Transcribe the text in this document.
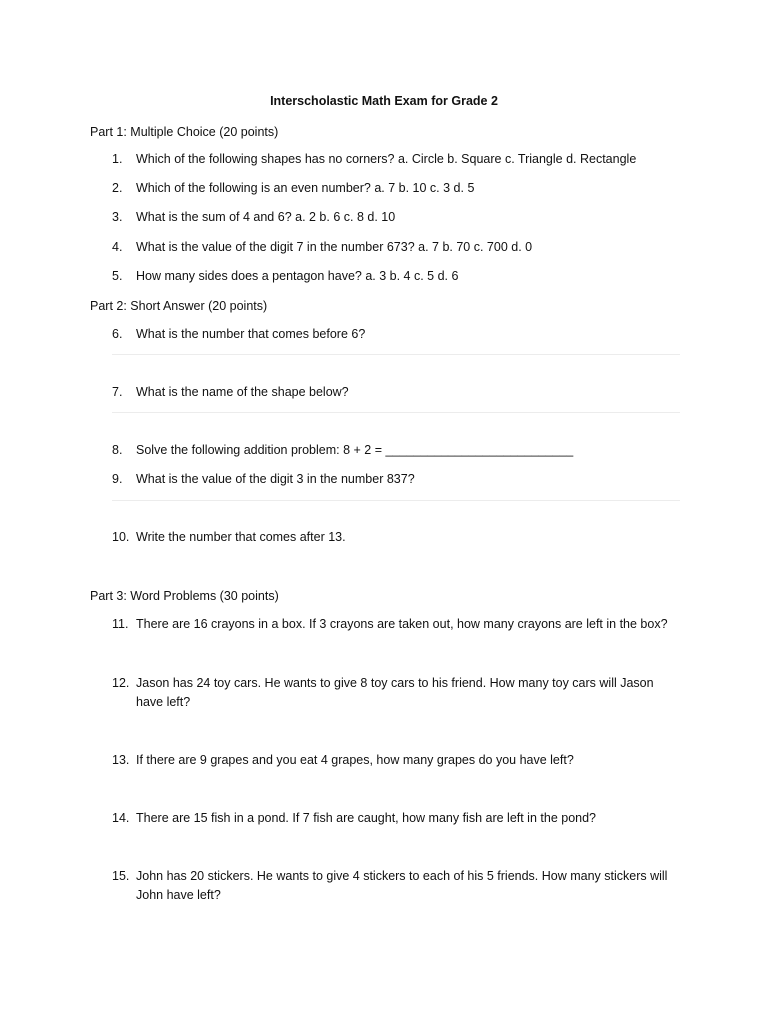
Interscholastic Math Exam for Grade 2
Part 1: Multiple Choice (20 points)
1.	Which of the following shapes has no corners? a. Circle b. Square c. Triangle d. Rectangle
2.	Which of the following is an even number? a. 7 b. 10 c. 3 d. 5
3.	What is the sum of 4 and 6? a. 2 b. 6 c. 8 d. 10
4.	What is the value of the digit 7 in the number 673? a. 7 b. 70 c. 700 d. 0
5.	How many sides does a pentagon have? a. 3 b. 4 c. 5 d. 6
Part 2: Short Answer (20 points)
6.	What is the number that comes before 6?
7.	What is the name of the shape below?
8.	Solve the following addition problem: 8 + 2 = ___________________________
9.	What is the value of the digit 3 in the number 837?
10. Write the number that comes after 13.
Part 3: Word Problems (30 points)
11. There are 16 crayons in a box. If 3 crayons are taken out, how many crayons are left in the box?
12. Jason has 24 toy cars. He wants to give 8 toy cars to his friend. How many toy cars will Jason have left?
13. If there are 9 grapes and you eat 4 grapes, how many grapes do you have left?
14. There are 15 fish in a pond. If 7 fish are caught, how many fish are left in the pond?
15. John has 20 stickers. He wants to give 4 stickers to each of his 5 friends. How many stickers will John have left?
